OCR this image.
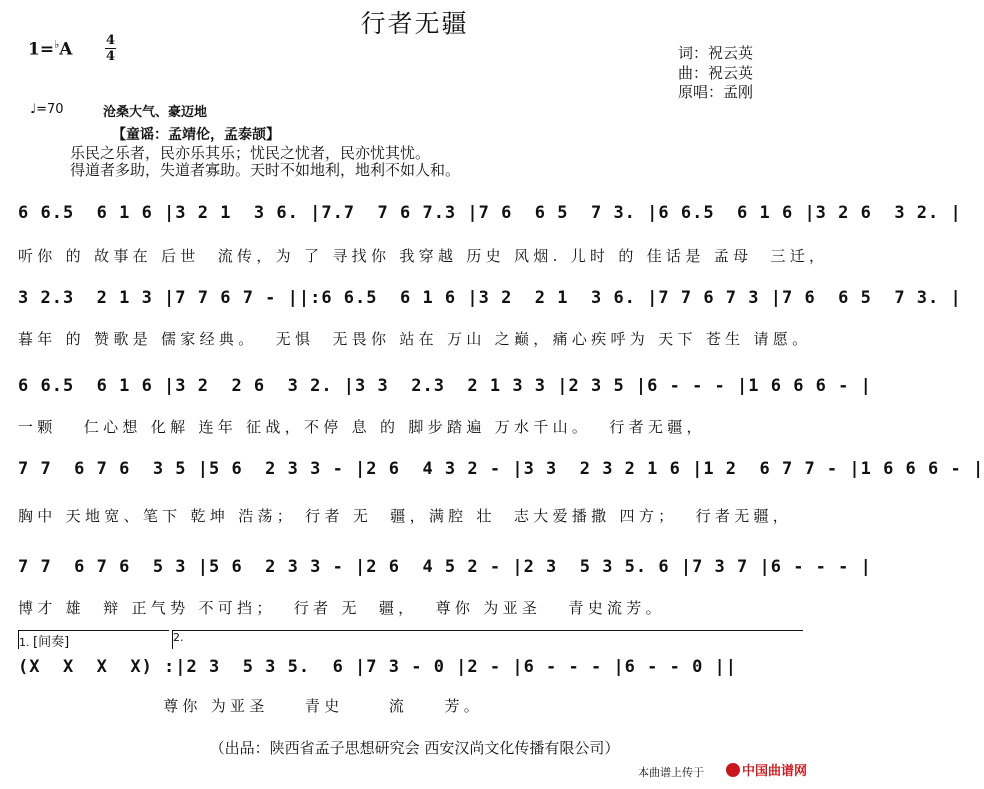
行者无疆
1=♭A	4
4	词：祝云英
曲：祝云英
原唱：孟刚
♩=70	沧桑大气、豪迈地
【童谣：孟靖伦，孟泰颉】
乐民之乐者，民亦乐其乐；忧民之忧者，民亦忧其忧。
得道者多助，失道者寡助。天时不如地利，地利不如人和。
6 6.5  6 1 6 |3 2 1  3 6. |7.7  7 6 7.3 |7 6  6 5  7 3. |6 6.5  6 1 6 |3 2 6  3 2. |
听你 的 故事在 后世  流传，为 了 寻找你 我穿越 历史 风烟. 儿时 的 佳话是 孟母  三迁，
3 2.3  2 1 3 |7 7 6 7 - ||:6 6.5  6 1 6 |3 2  2 1  3 6. |7 7 6 7 3 |7 6  6 5  7 3. |
暮年 的 赞歌是 儒家经典。  无惧  无畏你 站在 万山 之巅，痛心疾呼为 天下 苍生 请愿。
6 6.5  6 1 6 |3 2  2 6  3 2. |3 3  2.3  2 1 3 3 |2 3 5 |6 - - - |1 6 6 6 - |
一颗   仁心想 化解 连年 征战，不停 息 的 脚步踏遍 万水千山。  行者无疆，
7 7  6 7 6  3 5 |5 6  2 3 3 - |2 6  4 3 2 - |3 3  2 3 2 1 6 |1 2  6 7 7 - |1 6 6 6 - |
胸中 天地宽、笔下 乾坤 浩荡； 行者 无  疆，满腔 壮  志大爱播撒 四方；  行者无疆，
7 7  6 7 6  5 3 |5 6  2 3 3 - |2 6  4 5 2 - |2 3  5 3 5. 6 |7 3 7 |6 - - - |
博才 雄  辩 正气势 不可挡；  行者 无  疆，  尊你 为亚圣   青史流芳。
1. [间奏]	2.
(X  X  X  X) :|2 3  5 3 5.  6 |7 3 - 0 |2 - |6 - - - |6 - - 0 ||
尊你 为亚圣    青史     流    芳。
（出品：陕西省孟子思想研究会 西安汉尚文化传播有限公司）
本曲谱上传于	中国曲谱网
